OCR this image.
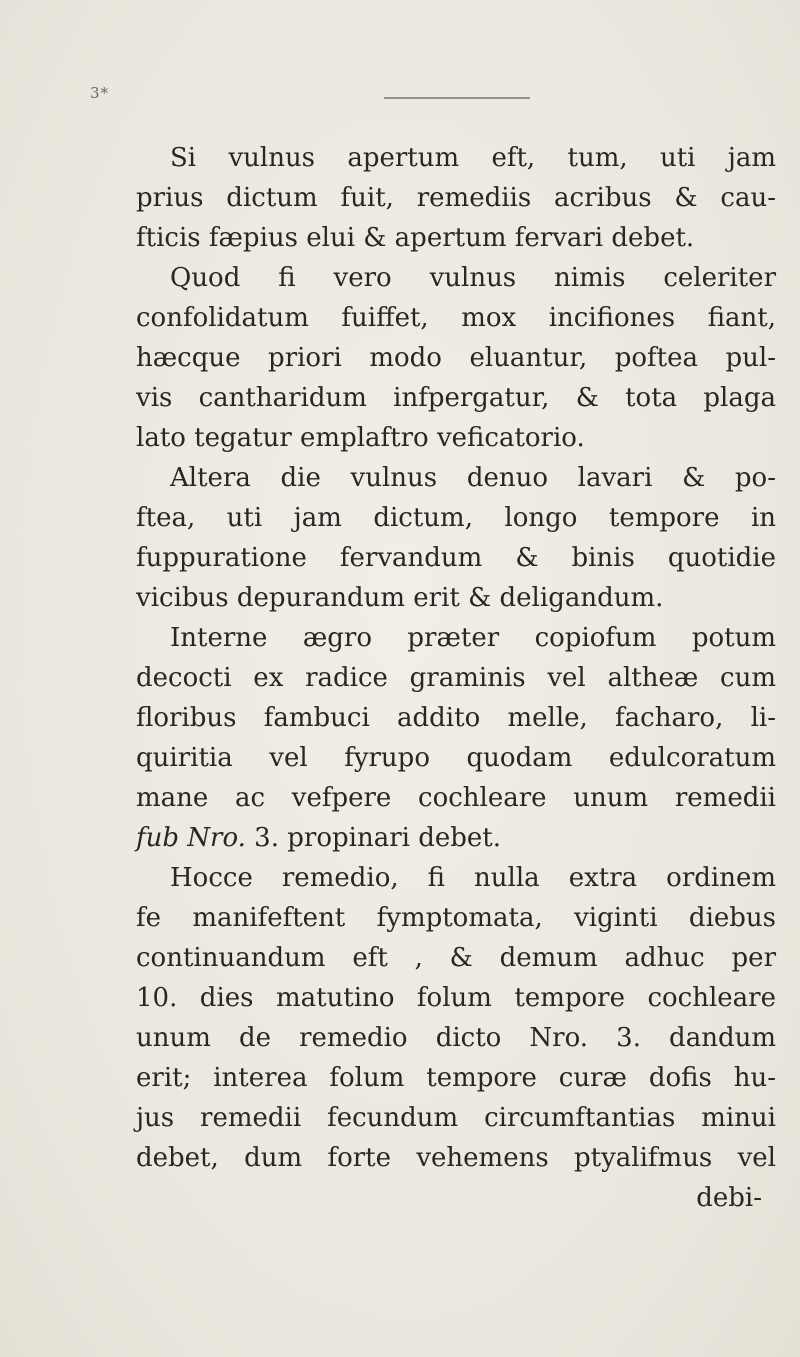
3*
Si vulnus apertum eft, tum, uti jam
prius dictum fuit, remediis acribus & cau-
fticis fæpius elui & apertum fervari debet.
Quod fi vero vulnus nimis celeriter
confolidatum fuiffet, mox incifiones fiant,
hæcque priori modo eluantur, poftea pul-
vis cantharidum infpergatur, & tota plaga
lato tegatur emplaftro veficatorio.
Altera die vulnus denuo lavari & po-
ftea, uti jam dictum, longo tempore in
fuppuratione fervandum & binis quotidie
vicibus depurandum erit & deligandum.
Interne ægro præter copiofum potum
decocti ex radice graminis vel altheæ cum
floribus fambuci addito melle, facharo, li-
quiritia vel fyrupo quodam edulcoratum
mane ac vefpere cochleare unum remedii
fub Nro. 3. propinari debet.
Hocce remedio, fi nulla extra ordinem
fe manifeftent fymptomata, viginti diebus
continuandum eft , & demum adhuc per
10. dies matutino folum tempore cochleare
unum de remedio dicto Nro. 3. dandum
erit; interea folum tempore curæ dofis hu-
jus remedii fecundum circumftantias minui
debet, dum forte vehemens ptyalifmus vel
debi-
